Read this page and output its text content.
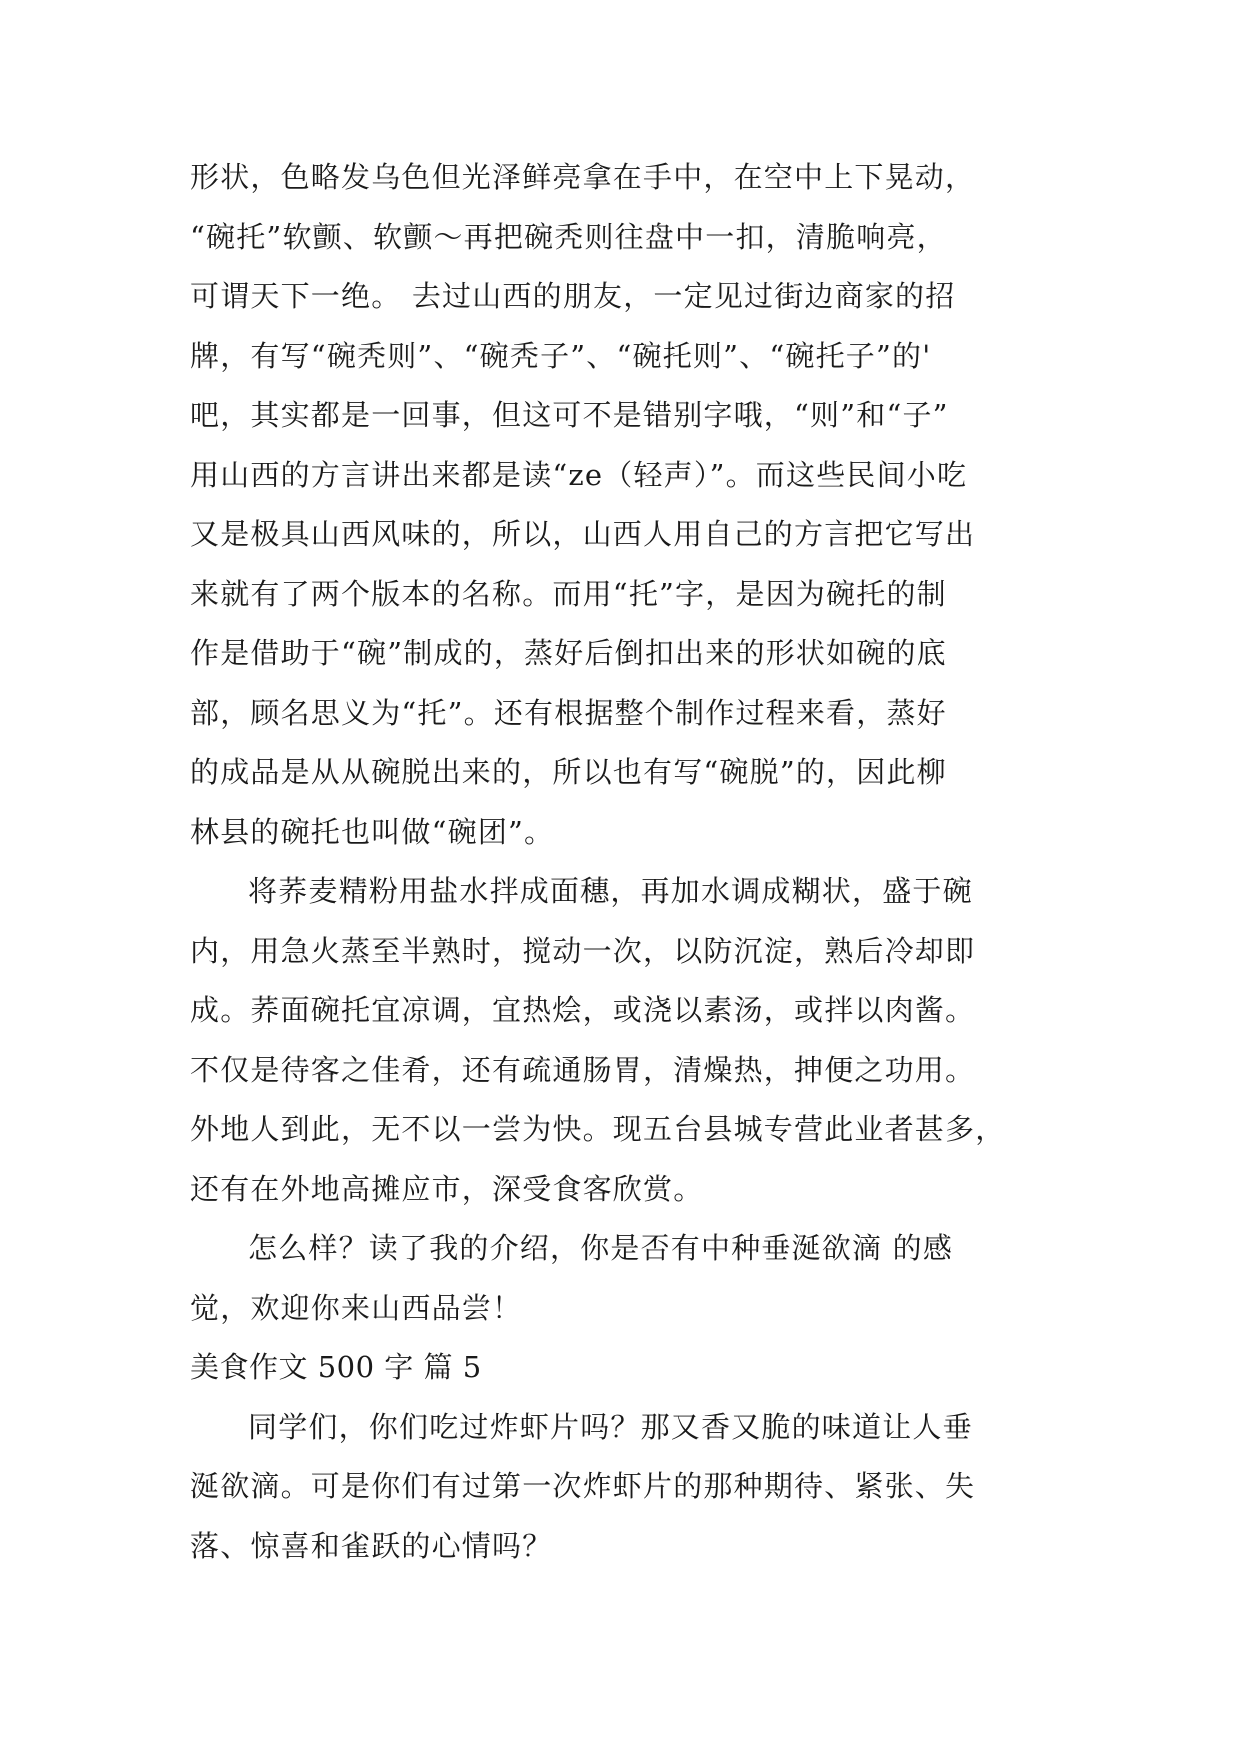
形状，色略发乌色但光泽鲜亮拿在手中，在空中上下晃动，
“碗托”软颤、软颤～再把碗秃则往盘中一扣，清脆响亮，
可谓天下一绝。 去过山西的朋友，一定见过街边商家的招
牌，有写“碗秃则”、“碗秃子”、“碗托则”、“碗托子”的'
吧，其实都是一回事，但这可不是错别字哦，“则”和“子”
用山西的方言讲出来都是读“ze（轻声）”。而这些民间小吃
又是极具山西风味的，所以，山西人用自己的方言把它写出
来就有了两个版本的名称。而用“托”字，是因为碗托的制
作是借助于“碗”制成的，蒸好后倒扣出来的形状如碗的底
部，顾名思义为“托”。还有根据整个制作过程来看，蒸好
的成品是从从碗脱出来的，所以也有写“碗脱”的，因此柳
林县的碗托也叫做“碗团”。
将荞麦精粉用盐水拌成面穗，再加水调成糊状，盛于碗
内，用急火蒸至半熟时，搅动一次，以防沉淀，熟后冷却即
成。荞面碗托宜凉调，宜热烩，或浇以素汤，或拌以肉酱。
不仅是待客之佳肴，还有疏通肠胃，清燥热，抻便之功用。
外地人到此，无不以一尝为快。现五台县城专营此业者甚多，
还有在外地高摊应市，深受食客欣赏。
怎么样？读了我的介绍，你是否有中种垂涎欲滴 的感
觉，欢迎你来山西品尝！
美食作文 500 字 篇 5
同学们，你们吃过炸虾片吗？那又香又脆的味道让人垂
涎欲滴。可是你们有过第一次炸虾片的那种期待、紧张、失
落、惊喜和雀跃的心情吗？
